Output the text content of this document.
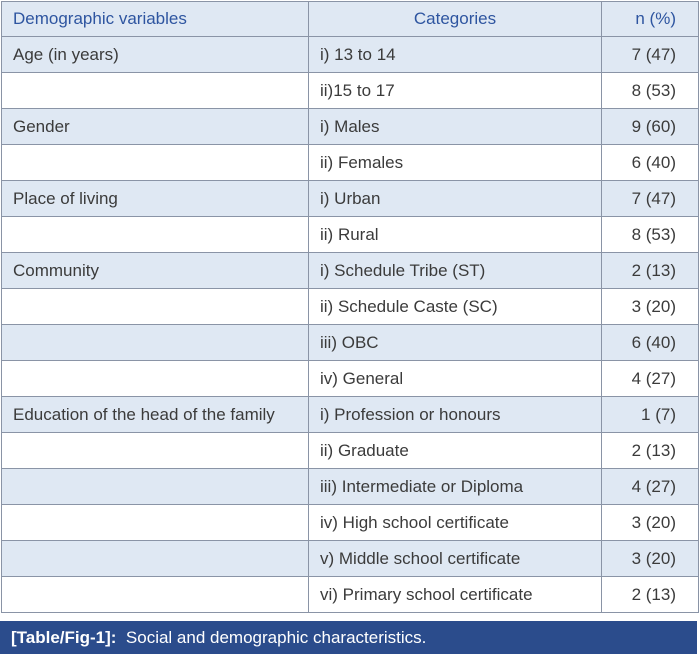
Demographic variables	Categories	n (%)
Age (in years)	i) 13 to 14	7 (47)
	ii)15 to 17	8 (53)
Gender	i) Males	9 (60)
	ii) Females	6 (40)
Place of living	i) Urban	7 (47)
	ii) Rural	8 (53)
Community	i) Schedule Tribe (ST)	2 (13)
	ii) Schedule Caste (SC)	3 (20)
	iii) OBC	6 (40)
	iv) General	4 (27)
Education of the head of the family	i) Profession or honours	1 (7)
	ii) Graduate	2 (13)
	iii) Intermediate or Diploma	4 (27)
	iv) High school certificate	3 (20)
	v) Middle school certificate	3 (20)
	vi) Primary school certificate	2 (13)
[Table/Fig-1]: Social and demographic characteristics.
